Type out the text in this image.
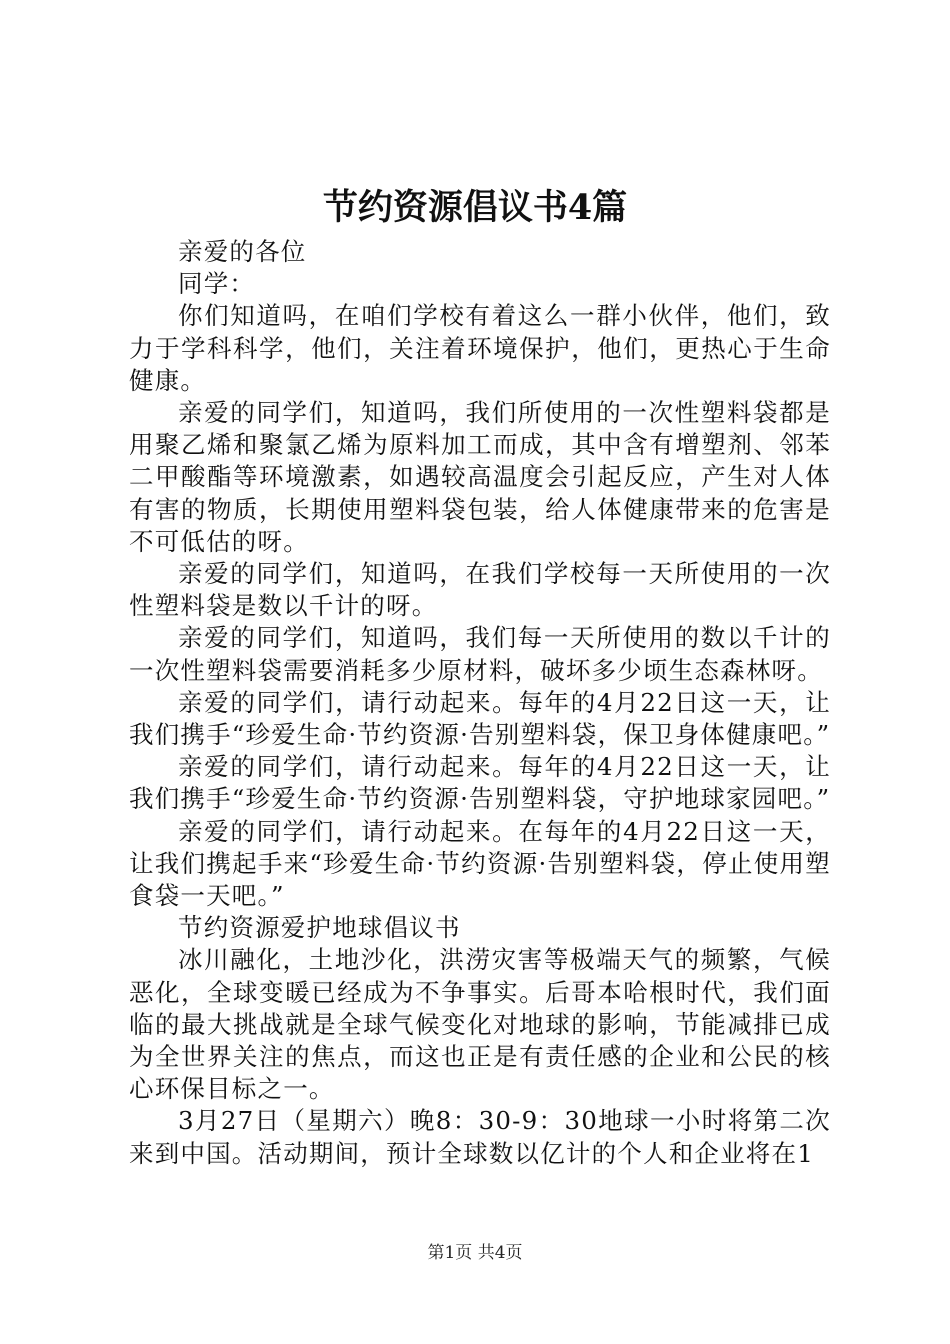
节约资源倡议书4篇

亲爱的各位

同学：

你们知道吗，在咱们学校有着这么一群小伙伴，他们，致力于学科科学，他们，关注着环境保护，他们，更热心于生命健康。

亲爱的同学们，知道吗，我们所使用的一次性塑料袋都是用聚乙烯和聚氯乙烯为原料加工而成，其中含有增塑剂、邻苯二甲酸酯等环境激素，如遇较高温度会引起反应，产生对人体有害的物质，长期使用塑料袋包装，给人体健康带来的危害是不可低估的呀。

亲爱的同学们，知道吗，在我们学校每一天所使用的一次性塑料袋是数以千计的呀。

亲爱的同学们，知道吗，我们每一天所使用的数以千计的一次性塑料袋需要消耗多少原材料，破坏多少顷生态森林呀。

亲爱的同学们，请行动起来。每年的4月22日这一天，让我们携手“珍爱生命·节约资源·告别塑料袋，保卫身体健康吧。”

亲爱的同学们，请行动起来。每年的4月22日这一天，让我们携手“珍爱生命·节约资源·告别塑料袋，守护地球家园吧。”

亲爱的同学们，请行动起来。在每年的4月22日这一天，让我们携起手来“珍爱生命·节约资源·告别塑料袋，停止使用塑食袋一天吧。”

节约资源爱护地球倡议书

冰川融化，土地沙化，洪涝灾害等极端天气的频繁，气候恶化，全球变暖已经成为不争事实。后哥本哈根时代，我们面临的最大挑战就是全球气候变化对地球的影响，节能减排已成为全世界关注的焦点，而这也正是有责任感的企业和公民的核心环保目标之一。

3月27日（星期六）晚8：30-9：30地球一小时将第二次来到中国。活动期间，预计全球数以亿计的个人和企业将在1

第1页 共4页
